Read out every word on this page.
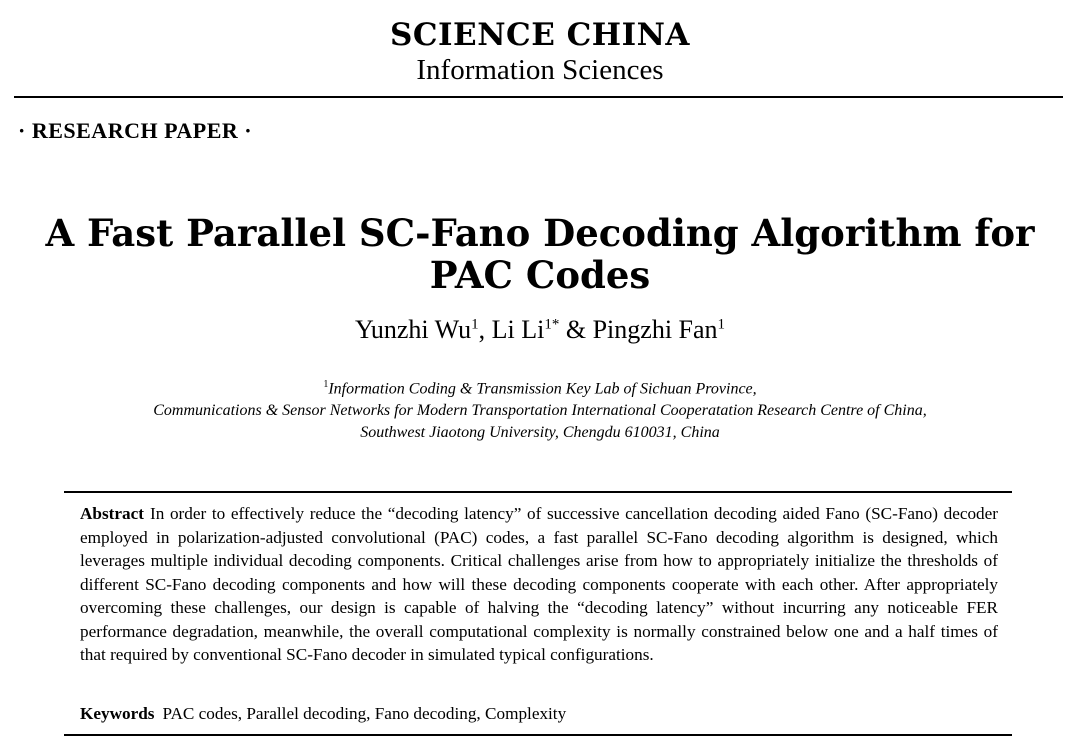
SCIENCE CHINA
Information Sciences
· RESEARCH PAPER ·
A Fast Parallel SC-Fano Decoding Algorithm for PAC Codes
Yunzhi Wu$^1$, Li $Li^{1*}$ & Pingzhi Fan$^1$
$^1$Information Coding & Transmission Key Lab of Sichuan Province,
Communications & Sensor Networks for Modern Transportation International Cooperatation Research Centre of China,
Southwest Jiaotong University, Chengdu 610031, China
Abstract In order to effectively reduce the “decoding latency” of successive cancellation decoding aided Fano (SC-Fano) decoder employed in polarization-adjusted convolutional (PAC) codes, a fast parallel SC-Fano decoding algorithm is designed, which leverages multiple individual decoding components. Critical challenges arise from how to appropriately initialize the thresholds of different SC-Fano decoding components and how will these decoding components cooperate with each other. After appropriately overcoming these challenges, our design is capable of halving the “decoding latency” without incurring any noticeable FER performance degradation, meanwhile, the overall computational complexity is normally constrained below one and a half times of that required by conventional SC-Fano decoder in simulated typical configurations.
Keywords PAC codes, Parallel decoding, Fano decoding, Complexity
